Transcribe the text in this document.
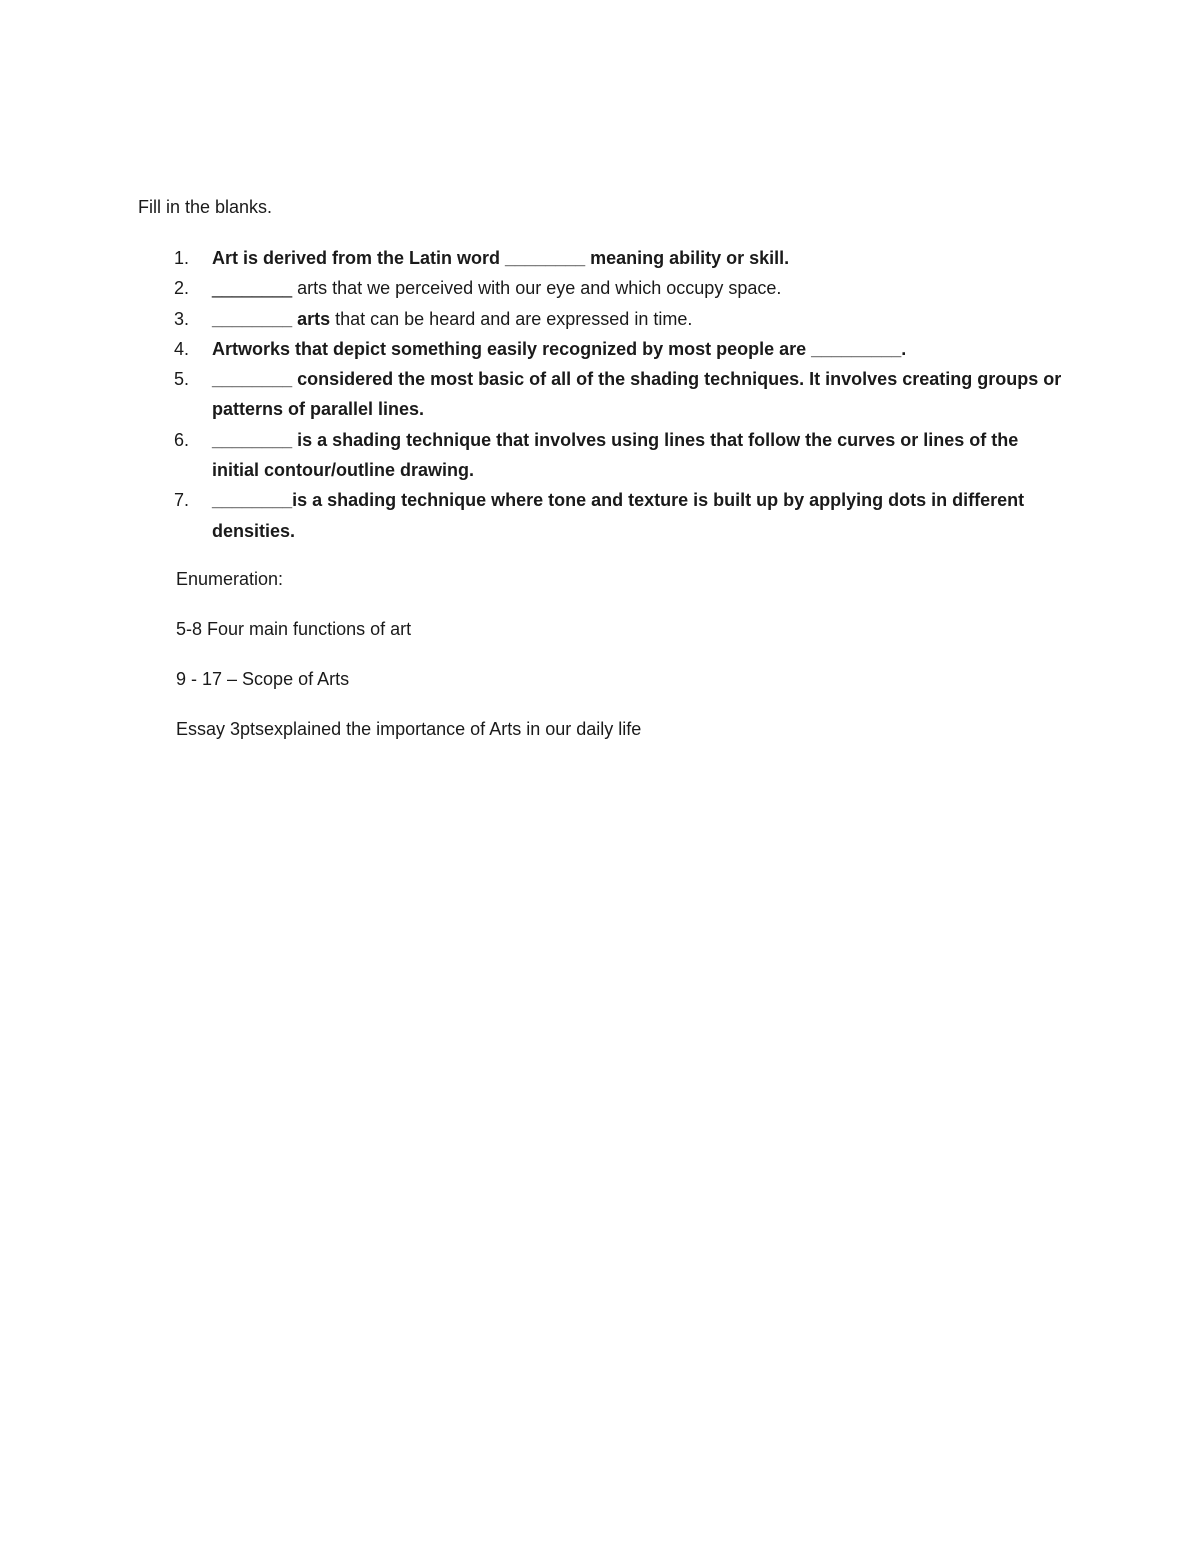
Fill in the blanks.

1. Art is derived from the Latin word ________ meaning ability or skill.
2. ________ arts that we perceived with our eye and which occupy space.
3. ________ arts that can be heard and are expressed in time.
4. Artworks that depict something easily recognized by most people are _________.
5. ________ considered the most basic of all of the shading techniques. It involves creating groups or patterns of parallel lines.
6. ________ is a shading technique that involves using lines that follow the curves or lines of the initial contour/outline drawing.
7. ________is a shading technique where tone and texture is built up by applying dots in different densities.

Enumeration:

5-8 Four main functions of art

9 - 17 – Scope of Arts

Essay 3ptsexplained the importance of Arts in our daily life
